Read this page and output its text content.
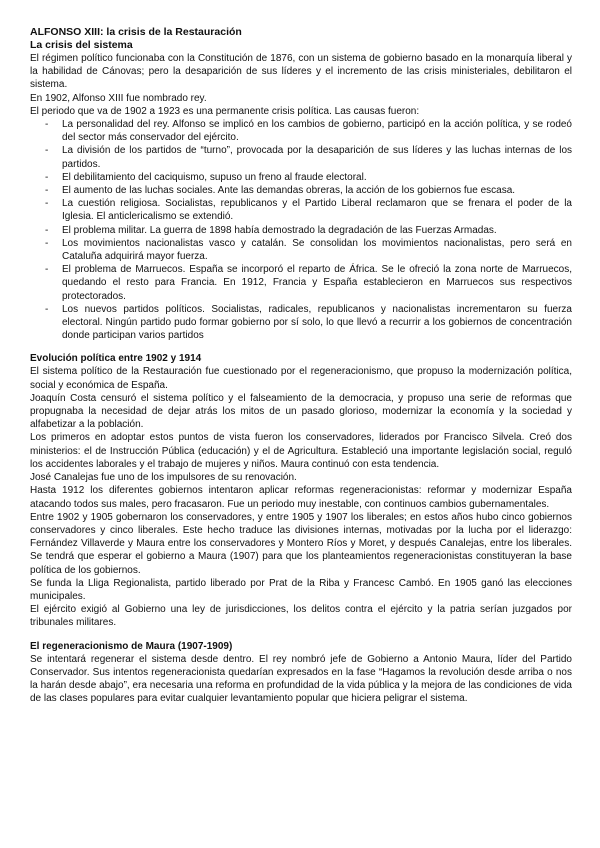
ALFONSO XIII: la crisis de la Restauración

La crisis del sistema

El régimen político funcionaba con la Constitución de 1876, con un sistema de gobierno basado en la monarquía liberal y la habilidad de Cánovas; pero la desaparición de sus líderes y el incremento de las crisis ministeriales, debilitaron el sistema.

En 1902, Alfonso XIII fue nombrado rey.

El periodo que va de 1902 a 1923 es una permanente crisis política. Las causas fueron:

- La personalidad del rey. Alfonso se implicó en los cambios de gobierno, participó en la acción política, y se rodeó del sector más conservador del ejército.
- La división de los partidos de “turno”, provocada por la desaparición de sus líderes y las luchas internas de los partidos.
- El debilitamiento del caciquismo, supuso un freno al fraude electoral.
- El aumento de las luchas sociales. Ante las demandas obreras, la acción de los gobiernos fue escasa.
- La cuestión religiosa. Socialistas, republicanos y el Partido Liberal reclamaron que se frenara el poder de la Iglesia. El anticlericalismo se extendió.
- El problema militar. La guerra de 1898 había demostrado la degradación de las Fuerzas Armadas.
- Los movimientos nacionalistas vasco y catalán. Se consolidan los movimientos nacionalistas, pero será en Cataluña adquirirá mayor fuerza.
- El problema de Marruecos. España se incorporó el reparto de África. Se le ofreció la zona norte de Marruecos, quedando el resto para Francia. En 1912, Francia y España establecieron en Marruecos sus respectivos protectorados.
- Los nuevos partidos políticos. Socialistas, radicales, republicanos y nacionalistas incrementaron su fuerza electoral. Ningún partido pudo formar gobierno por sí solo, lo que llevó a recurrir a los gobiernos de concentración donde participan varios partidos

Evolución política entre 1902 y 1914

El sistema político de la Restauración fue cuestionado por el regeneracionismo, que propuso la modernización política, social y económica de España.

Joaquín Costa censuró el sistema político y el falseamiento de la democracia, y propuso una serie de reformas que propugnaba la necesidad de dejar atrás los mitos de un pasado glorioso, modernizar la economía y la sociedad y alfabetizar a la población.

Los primeros en adoptar estos puntos de vista fueron los conservadores, liderados por Francisco Silvela. Creó dos ministerios: el de Instrucción Pública (educación) y el de Agricultura. Estableció una importante legislación social, reguló los accidentes laborales y el trabajo de mujeres y niños. Maura continuó con esta tendencia.

José Canalejas fue uno de los impulsores de su renovación.

Hasta 1912 los diferentes gobiernos intentaron aplicar reformas regeneracionistas: reformar y modernizar España atacando todos sus males, pero fracasaron. Fue un periodo muy inestable, con continuos cambios gubernamentales.

Entre 1902 y 1905 gobernaron los conservadores, y entre 1905 y 1907 los liberales; en estos años hubo cinco gobiernos conservadores y cinco liberales. Este hecho traduce las divisiones internas, motivadas por la lucha por el liderazgo: Fernández Villaverde y Maura entre los conservadores y Montero Ríos y Moret, y después Canalejas, entre los liberales. Se tendrá que esperar el gobierno a Maura (1907) para que los planteamientos regeneracionistas constituyeran la base política de los gobiernos.

Se funda la Lliga Regionalista, partido liberado por Prat de la Riba y Francesc Cambó. En 1905 ganó las elecciones municipales.

El ejército exigió al Gobierno una ley de jurisdicciones, los delitos contra el ejército y la patria serían juzgados por tribunales militares.

El regeneracionismo de Maura (1907-1909)

Se intentará regenerar el sistema desde dentro. El rey nombró jefe de Gobierno a Antonio Maura, líder del Partido Conservador. Sus intentos regeneracionista quedarían expresados en la fase “Hagamos la revolución desde arriba o nos la harán desde abajo”, era necesaria una reforma en profundidad de la vida pública y la mejora de las condiciones de vida de las clases populares para evitar cualquier levantamiento popular que hiciera peligrar el sistema.
